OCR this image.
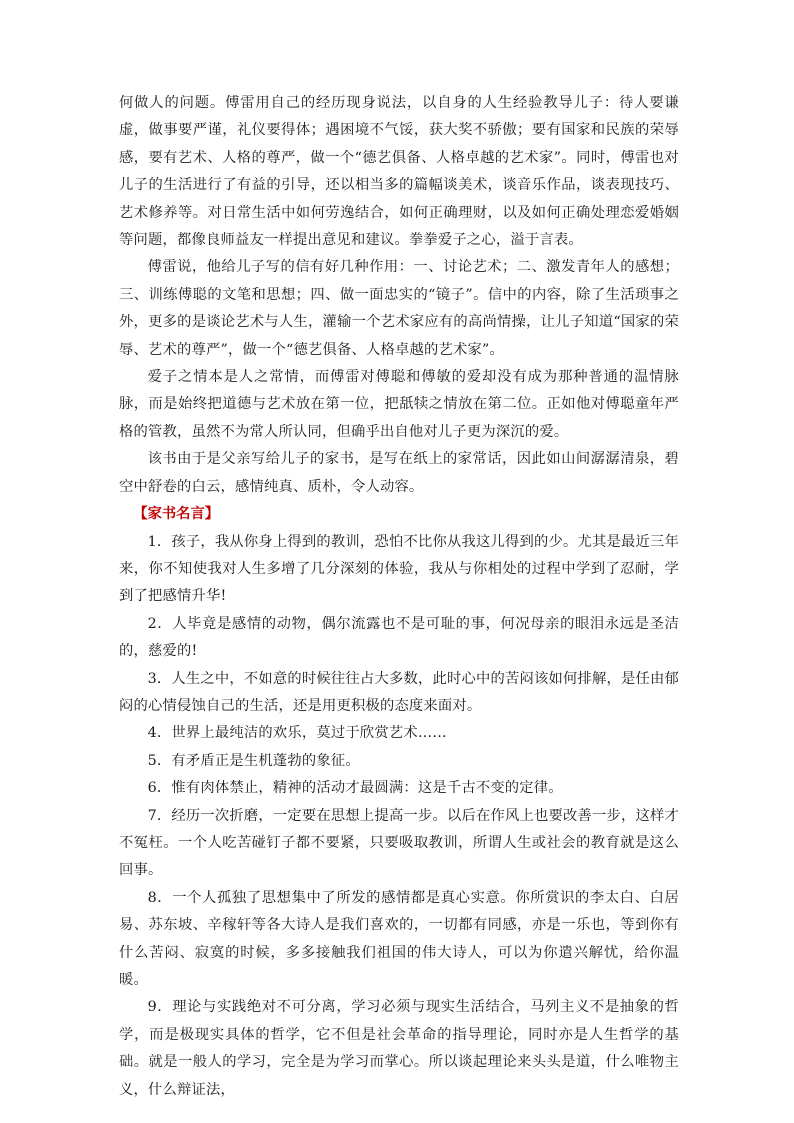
何做人的问题。傅雷用自己的经历现身说法，以自身的人生经验教导儿子：待人要谦虚，做事要严谨，礼仪要得体；遇困境不气馁，获大奖不骄傲；要有国家和民族的荣辱感，要有艺术、人格的尊严，做一个“德艺俱备、人格卓越的艺术家”。同时，傅雷也对儿子的生活进行了有益的引导，还以相当多的篇幅谈美术，谈音乐作品，谈表现技巧、艺术修养等。对日常生活中如何劳逸结合，如何正确理财，以及如何正确处理恋爱婚姻等问题，都像良师益友一样提出意见和建议。拳拳爱子之心，溢于言表。

傅雷说，他给儿子写的信有好几种作用：一、讨论艺术；二、激发青年人的感想；三、训练傅聪的文笔和思想；四、做一面忠实的“镜子”。信中的内容，除了生活琐事之外，更多的是谈论艺术与人生，灌输一个艺术家应有的高尚情操，让儿子知道“国家的荣辱、艺术的尊严”，做一个“德艺俱备、人格卓越的艺术家”。

爱子之情本是人之常情，而傅雷对傅聪和傅敏的爱却没有成为那种普通的温情脉脉，而是始终把道德与艺术放在第一位，把舐犊之情放在第二位。正如他对傅聪童年严格的管教，虽然不为常人所认同，但确乎出自他对儿子更为深沉的爱。

该书由于是父亲写给儿子的家书，是写在纸上的家常话，因此如山间潺潺清泉，碧空中舒卷的白云，感情纯真、质朴，令人动容。

【家书名言】

1．孩子，我从你身上得到的教训，恐怕不比你从我这儿得到的少。尤其是最近三年来，你不知使我对人生多增了几分深刻的体验，我从与你相处的过程中学到了忍耐，学到了把感情升华!

2．人毕竟是感情的动物，偶尔流露也不是可耻的事，何况母亲的眼泪永远是圣洁的，慈爱的!

3．人生之中，不如意的时候往往占大多数，此时心中的苦闷该如何排解，是任由郁闷的心情侵蚀自己的生活，还是用更积极的态度来面对。

4．世界上最纯洁的欢乐，莫过于欣赏艺术……

5．有矛盾正是生机蓬勃的象征。

6．惟有肉体禁止，精神的活动才最圆满：这是千古不变的定律。

7．经历一次折磨，一定要在思想上提高一步。以后在作风上也要改善一步，这样才不冤枉。一个人吃苦碰钉子都不要紧，只要吸取教训，所谓人生或社会的教育就是这么回事。

8．一个人孤独了思想集中了所发的感情都是真心实意。你所赏识的李太白、白居易、苏东坡、辛稼轩等各大诗人是我们喜欢的，一切都有同感，亦是一乐也，等到你有什么苦闷、寂寞的时候，多多接触我们祖国的伟大诗人，可以为你遣兴解忧，给你温暖。

9．理论与实践绝对不可分离，学习必须与现实生活结合，马列主义不是抽象的哲学，而是极现实具体的哲学，它不但是社会革命的指导理论，同时亦是人生哲学的基础。就是一般人的学习，完全是为学习而掌心。所以谈起理论来头头是道，什么唯物主义，什么辩证法，
